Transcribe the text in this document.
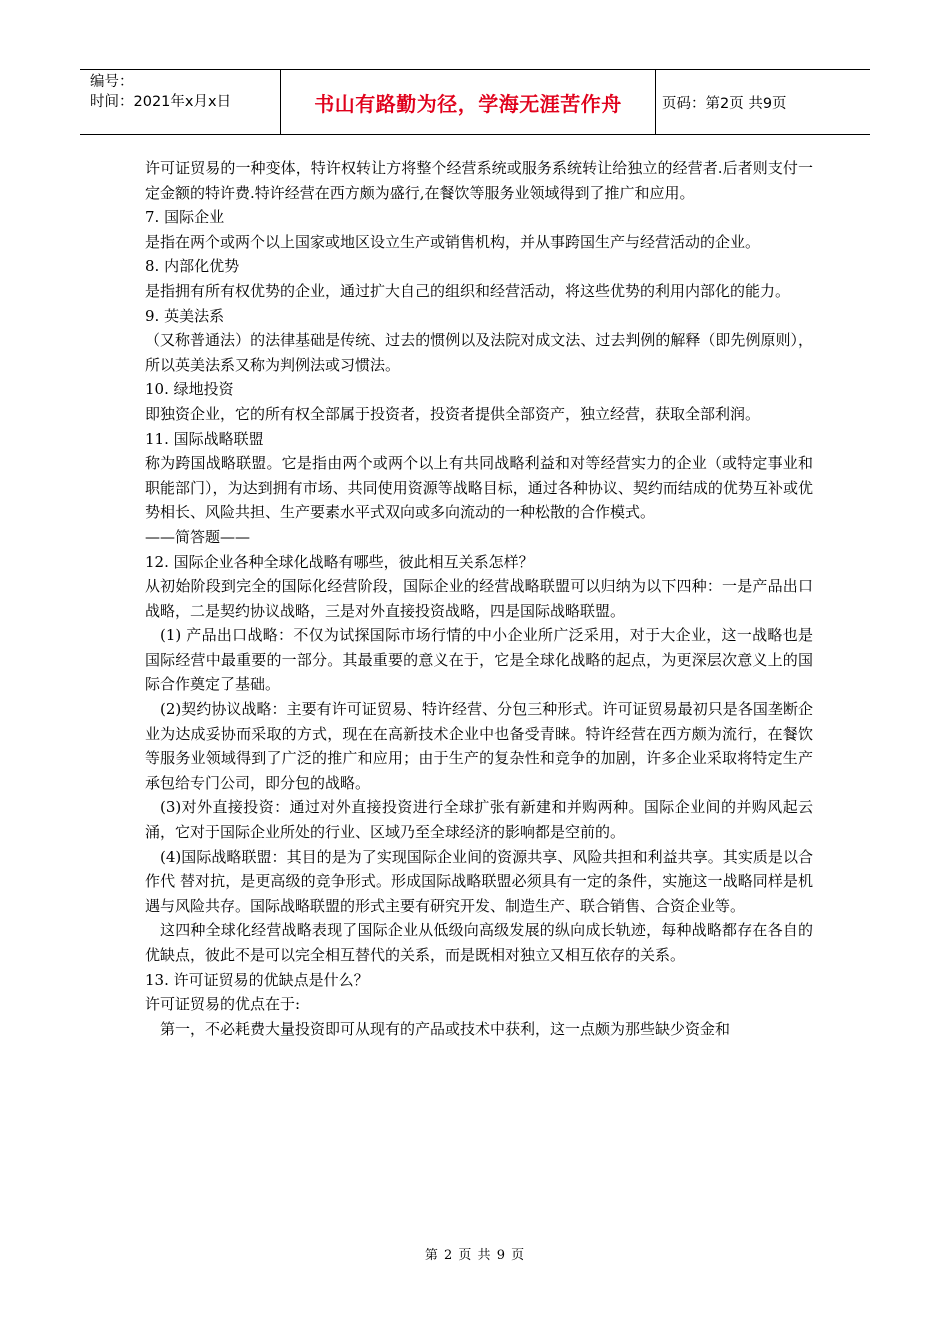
编号：
时间：2021年x月x日	书山有路勤为径，学海无涯苦作舟	页码：第2页 共9页

许可证贸易的一种变体，特许权转让方将整个经营系统或服务系统转让给独立的经营者.后者则支付一定金额的特许费.特许经营在西方颇为盛行,在餐饮等服务业领域得到了推广和应用。

7. 国际企业

是指在两个或两个以上国家或地区设立生产或销售机构，并从事跨国生产与经营活动的企业。

8. 内部化优势

是指拥有所有权优势的企业，通过扩大自己的组织和经营活动，将这些优势的利用内部化的能力。

9. 英美法系

（又称普通法）的法律基础是传统、过去的惯例以及法院对成文法、过去判例的解释（即先例原则），所以英美法系又称为判例法或习惯法。

10. 绿地投资

即独资企业，它的所有权全部属于投资者，投资者提供全部资产，独立经营，获取全部利润。

11. 国际战略联盟

称为跨国战略联盟。它是指由两个或两个以上有共同战略利益和对等经营实力的企业（或特定事业和职能部门），为达到拥有市场、共同使用资源等战略目标，通过各种协议、契约而结成的优势互补或优势相长、风险共担、生产要素水平式双向或多向流动的一种松散的合作模式。

——简答题——

12. 国际企业各种全球化战略有哪些，彼此相互关系怎样？

从初始阶段到完全的国际化经营阶段，国际企业的经营战略联盟可以归纳为以下四种：一是产品出口战略，二是契约协议战略，三是对外直接投资战略，四是国际战略联盟。

(1) 产品出口战略：不仅为试探国际市场行情的中小企业所广泛采用，对于大企业，这一战略也是国际经营中最重要的一部分。其最重要的意义在于，它是全球化战略的起点，为更深层次意义上的国际合作奠定了基础。

(2)契约协议战略：主要有许可证贸易、特许经营、分包三种形式。许可证贸易最初只是各国垄断企业为达成妥协而采取的方式，现在在高新技术企业中也备受青睐。特许经营在西方颇为流行，在餐饮等服务业领域得到了广泛的推广和应用；由于生产的复杂性和竞争的加剧，许多企业采取将特定生产承包给专门公司，即分包的战略。

(3)对外直接投资：通过对外直接投资进行全球扩张有新建和并购两种。国际企业间的并购风起云涌，它对于国际企业所处的行业、区域乃至全球经济的影响都是空前的。

(4)国际战略联盟：其目的是为了实现国际企业间的资源共享、风险共担和利益共享。其实质是以合作代 替对抗，是更高级的竞争形式。形成国际战略联盟必须具有一定的条件，实施这一战略同样是机遇与风险共存。国际战略联盟的形式主要有研究开发、制造生产、联合销售、合资企业等。

这四种全球化经营战略表现了国际企业从低级向高级发展的纵向成长轨迹，每种战略都存在各自的优缺点，彼此不是可以完全相互替代的关系，而是既相对独立又相互依存的关系。

13. 许可证贸易的优缺点是什么？

许可证贸易的优点在于:

第一，不必耗费大量投资即可从现有的产品或技术中获利，这一点颇为那些缺少资金和

第 2 页 共 9 页
